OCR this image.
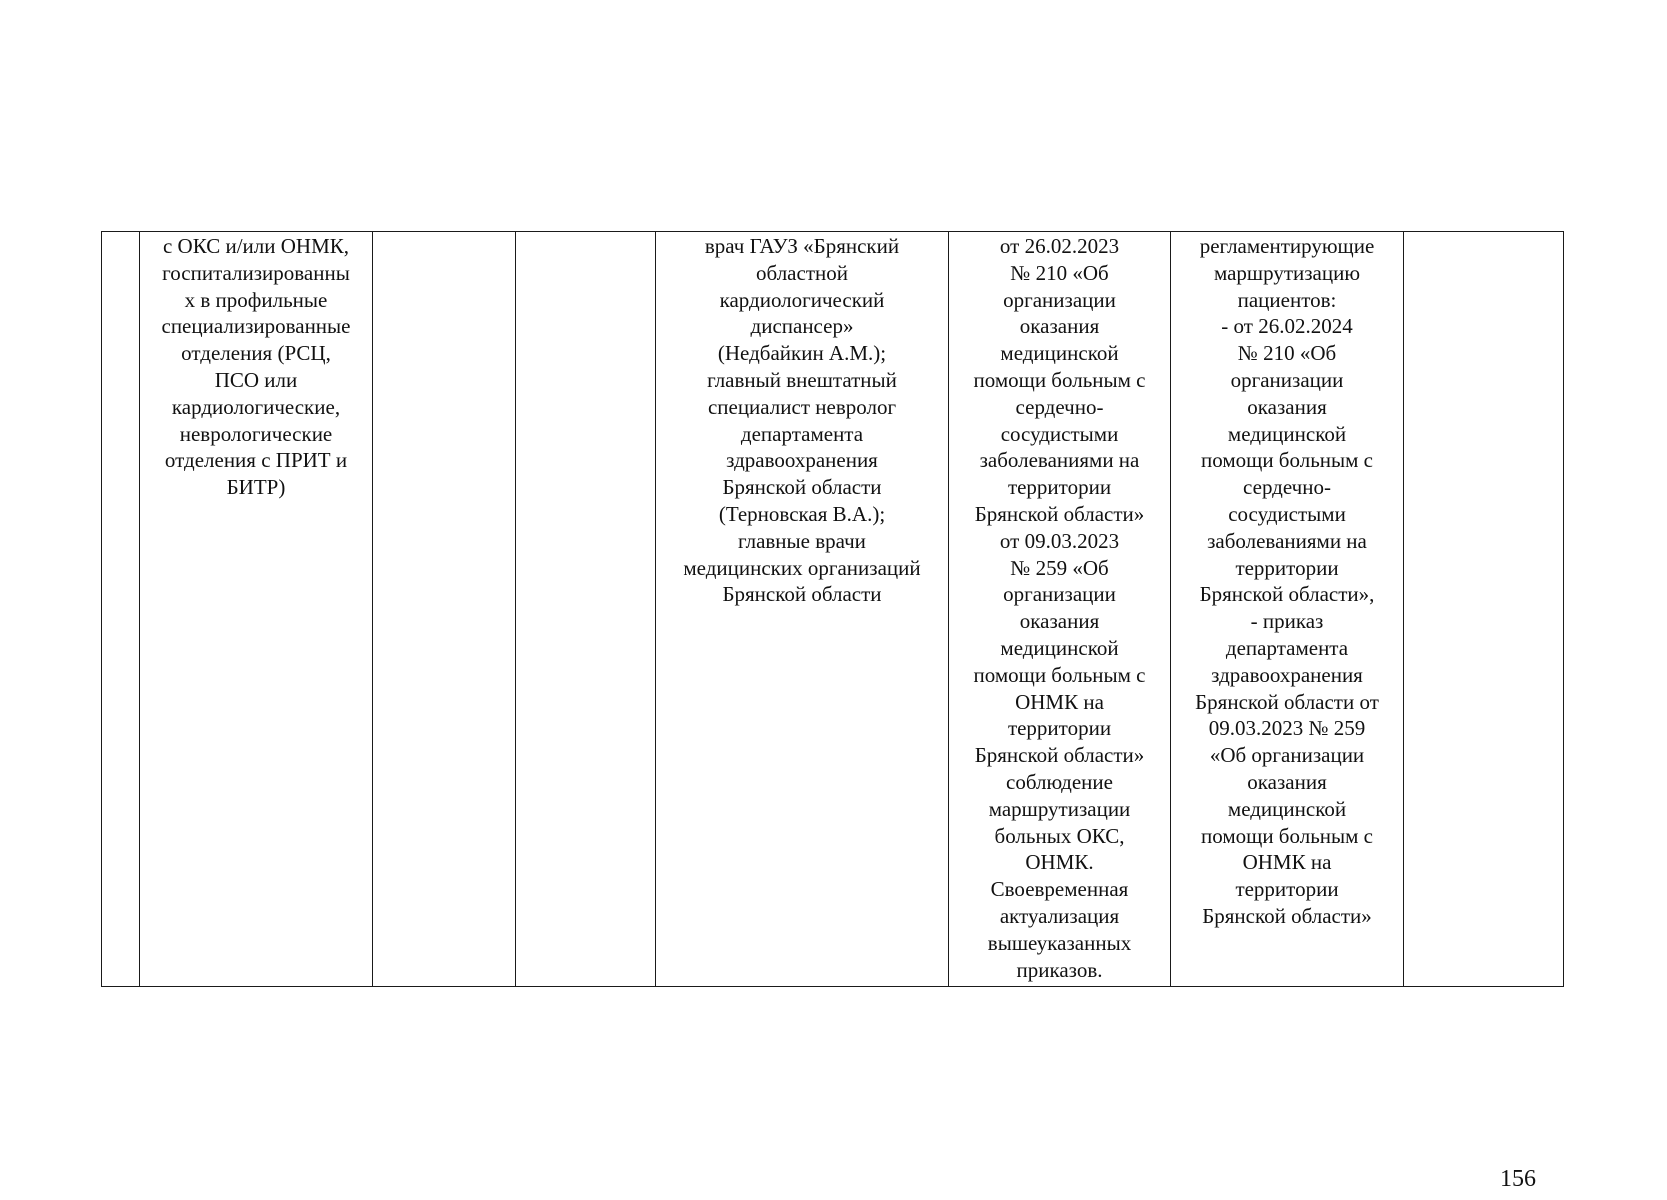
	с ОКС и/или ОНМК,
госпитализированны
х в профильные
специализированные
отделения (РСЦ,
ПСО или
кардиологические,
неврологические
отделения с ПРИТ и
БИТР)			врач ГАУЗ «Брянский
областной
кардиологический
диспансер»
(Недбайкин А.М.);
главный внештатный
специалист невролог
департамента
здравоохранения
Брянской области
(Терновская В.А.);
главные врачи
медицинских организаций
Брянской области	от 26.02.2023
№ 210 «Об
организации
оказания
медицинской
помощи больным с
сердечно-
сосудистыми
заболеваниями на
территории
Брянской области»
от 09.03.2023
№ 259 «Об
организации
оказания
медицинской
помощи больным с
ОНМК на
территории
Брянской области»
соблюдение
маршрутизации
больных ОКС,
ОНМК.
Своевременная
актуализация
вышеуказанных
приказов.	регламентирующие
маршрутизацию
пациентов:
- от 26.02.2024
№ 210 «Об
организации
оказания
медицинской
помощи больным с
сердечно-
сосудистыми
заболеваниями на
территории
Брянской области»,
- приказ
департамента
здравоохранения
Брянской области от
09.03.2023 № 259
«Об организации
оказания
медицинской
помощи больным с
ОНМК на
территории
Брянской области»	
156
